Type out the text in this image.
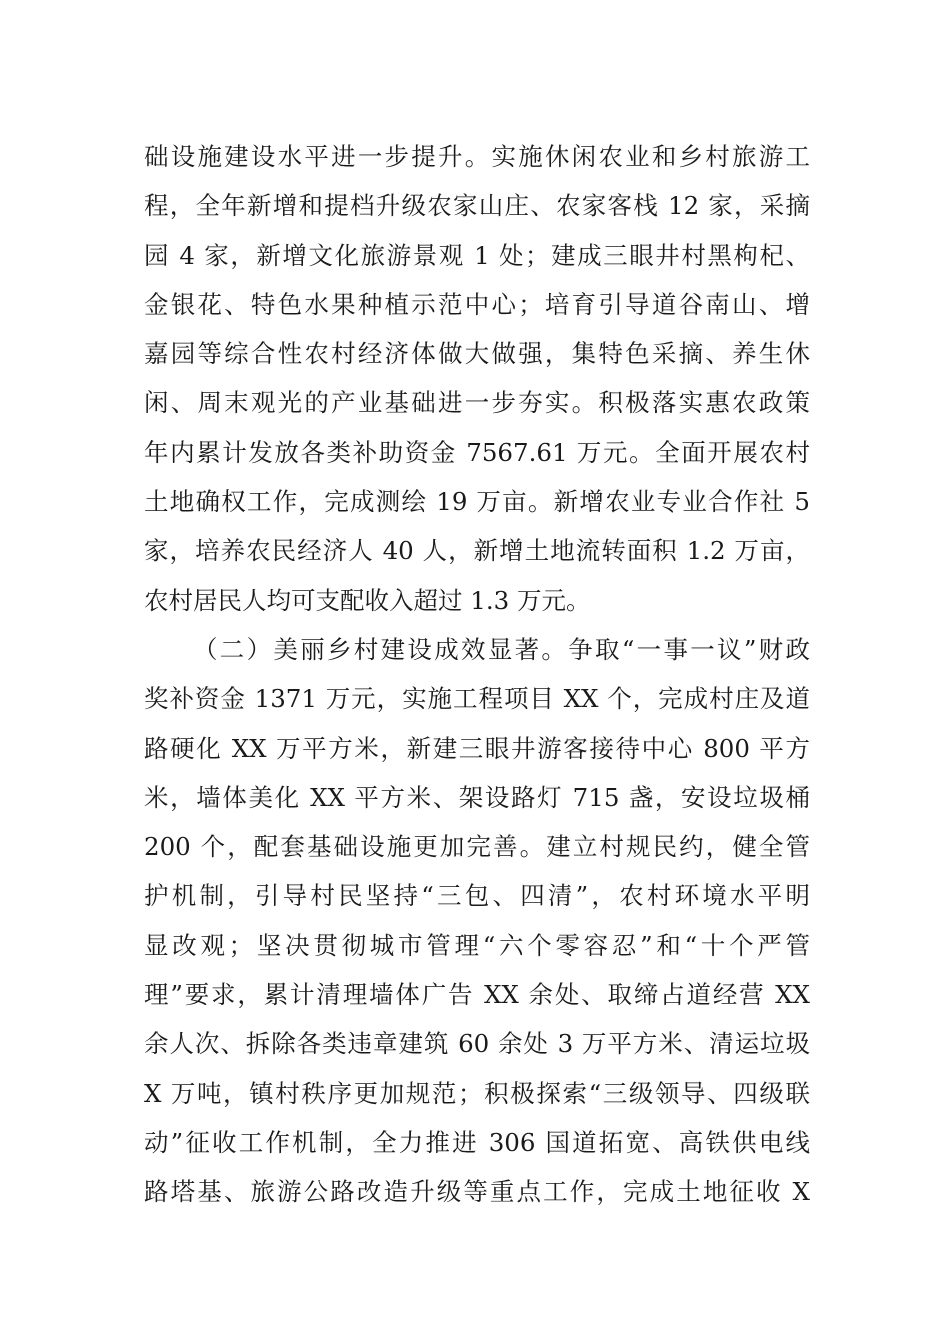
础设施建设水平进一步提升。实施休闲农业和乡村旅游工
程，全年新增和提档升级农家山庄、农家客栈 12 家，采摘
园 4 家，新增文化旅游景观 1 处；建成三眼井村黑枸杞、
金银花、特色水果种植示范中心；培育引导道谷南山、增
嘉园等综合性农村经济体做大做强，集特色采摘、养生休
闲、周末观光的产业基础进一步夯实。积极落实惠农政策
年内累计发放各类补助资金 7567.61 万元。全面开展农村
土地确权工作，完成测绘 19 万亩。新增农业专业合作社 5
家，培养农民经济人 40 人，新增土地流转面积 1.2 万亩，
农村居民人均可支配收入超过 1.3 万元。
（二）美丽乡村建设成效显著。争取“一事一议”财政
奖补资金 1371 万元，实施工程项目 XX 个，完成村庄及道
路硬化 XX 万平方米，新建三眼井游客接待中心 800 平方
米，墙体美化 XX 平方米、架设路灯 715 盏，安设垃圾桶
200 个，配套基础设施更加完善。建立村规民约，健全管
护机制，引导村民坚持“三包、四清”，农村环境水平明
显改观；坚决贯彻城市管理“六个零容忍”和“十个严管
理”要求，累计清理墙体广告 XX 余处、取缔占道经营 XX
余人次、拆除各类违章建筑 60 余处 3 万平方米、清运垃圾
X 万吨，镇村秩序更加规范；积极探索“三级领导、四级联
动”征收工作机制，全力推进 306 国道拓宽、高铁供电线
路塔基、旅游公路改造升级等重点工作，完成土地征收 X
